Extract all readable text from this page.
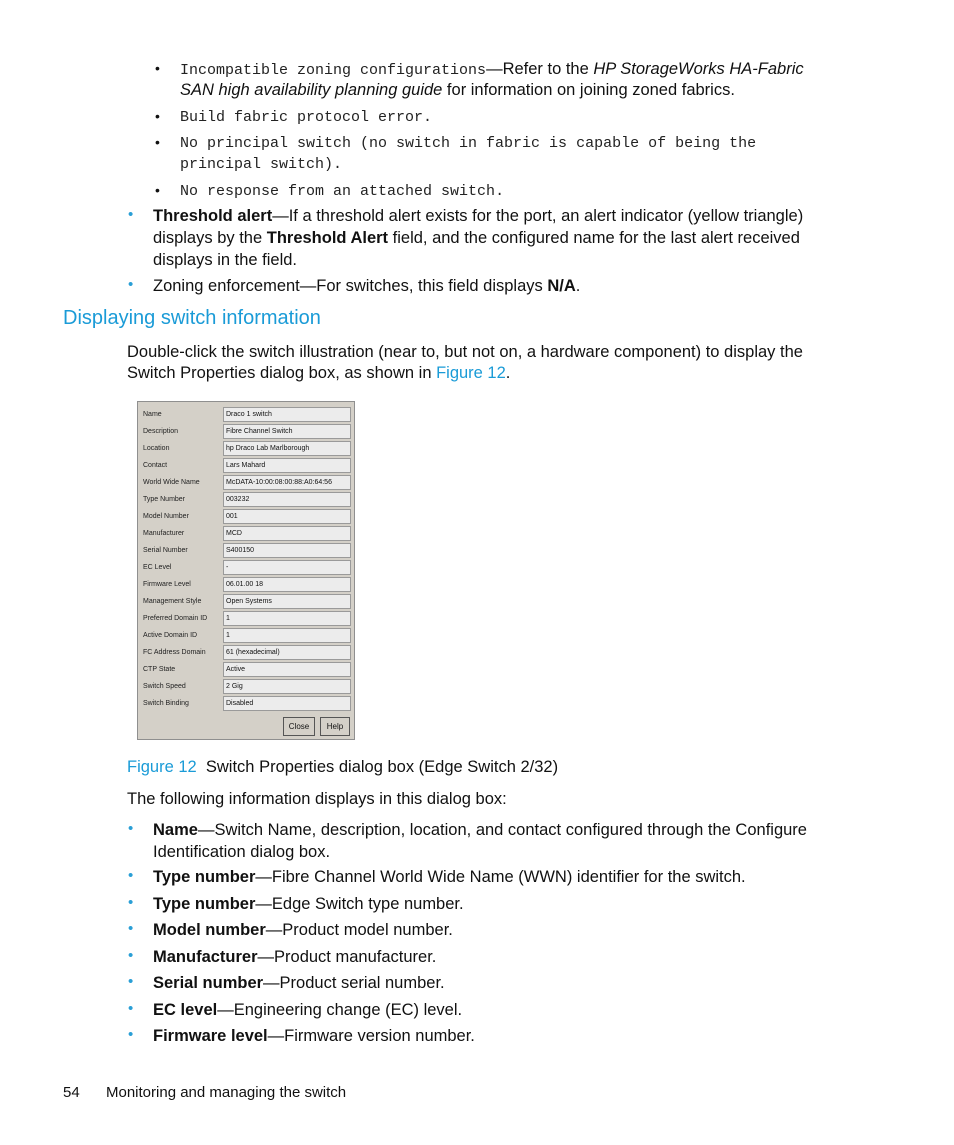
• Incompatible zoning configurations—Refer to the HP StorageWorks HA-Fabric
SAN high availability planning guide for information on joining zoned fabrics.
• Build fabric protocol error.
• No principal switch (no switch in fabric is capable of being the
principal switch).
• No response from an attached switch.
• Threshold alert—If a threshold alert exists for the port, an alert indicator (yellow triangle)
displays by the Threshold Alert field, and the configured name for the last alert received
displays in the field.
• Zoning enforcement—For switches, this field displays N/A.
Displaying switch information
Double-click the switch illustration (near to, but not on, a hardware component) to display the
Switch Properties dialog box, as shown in Figure 12.
Name	Draco 1 switch
Description	Fibre Channel Switch
Location	hp Draco Lab Marlborough
Contact	Lars Mahard
World Wide Name	McDATA-10:00:08:00:88:A0:64:56
Type Number	003232
Model Number	001
Manufacturer	MCD
Serial Number	S400150
EC Level	-
Firmware Level	06.01.00 18
Management Style	Open Systems
Preferred Domain ID	1
Active Domain ID	1
FC Address Domain	61 (hexadecimal)
CTP State	Active
Switch Speed	2 Gig
Switch Binding	Disabled
Close	Help
Figure 12 Switch Properties dialog box (Edge Switch 2/32)
The following information displays in this dialog box:
• Name—Switch Name, description, location, and contact configured through the Configure
Identification dialog box.
• Type number—Fibre Channel World Wide Name (WWN) identifier for the switch.
• Type number—Edge Switch type number.
• Model number—Product model number.
• Manufacturer—Product manufacturer.
• Serial number—Product serial number.
• EC level—Engineering change (EC) level.
• Firmware level—Firmware version number.
54 Monitoring and managing the switch
